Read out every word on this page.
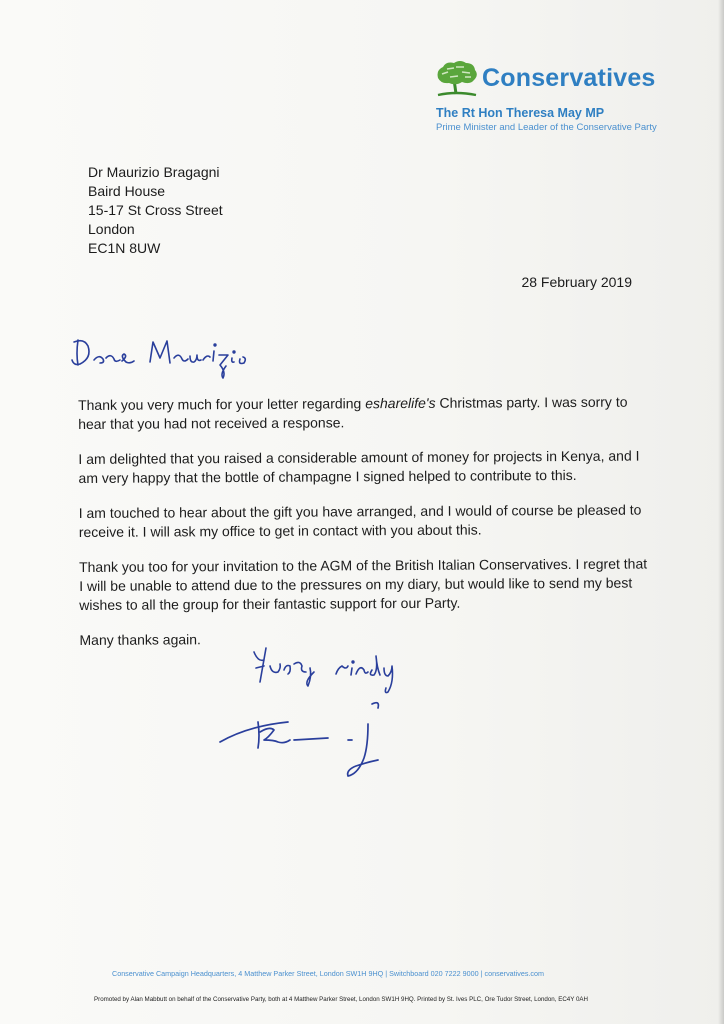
Conservatives
The Rt Hon Theresa May MP
Prime Minister and Leader of the Conservative Party
Dr Maurizio Bragagni
Baird House
15-17 St Cross Street
London
EC1N 8UW
28 February 2019

Thank you very much for your letter regarding esharelife's Christmas party. I was sorry to hear that you had not received a response.

I am delighted that you raised a considerable amount of money for projects in Kenya, and I am very happy that the bottle of champagne I signed helped to contribute to this.

I am touched to hear about the gift you have arranged, and I would of course be pleased to receive it. I will ask my office to get in contact with you about this.

Thank you too for your invitation to the AGM of the British Italian Conservatives. I regret that I will be unable to attend due to the pressures on my diary, but would like to send my best wishes to all the group for their fantastic support for our Party.

Many thanks again.

Conservative Campaign Headquarters, 4 Matthew Parker Street, London SW1H 9HQ | Switchboard 020 7222 9000 | conservatives.com
Promoted by Alan Mabbutt on behalf of the Conservative Party, both at 4 Matthew Parker Street, London SW1H 9HQ. Printed by St. Ives PLC, Ore Tudor Street, London, EC4Y 0AH
